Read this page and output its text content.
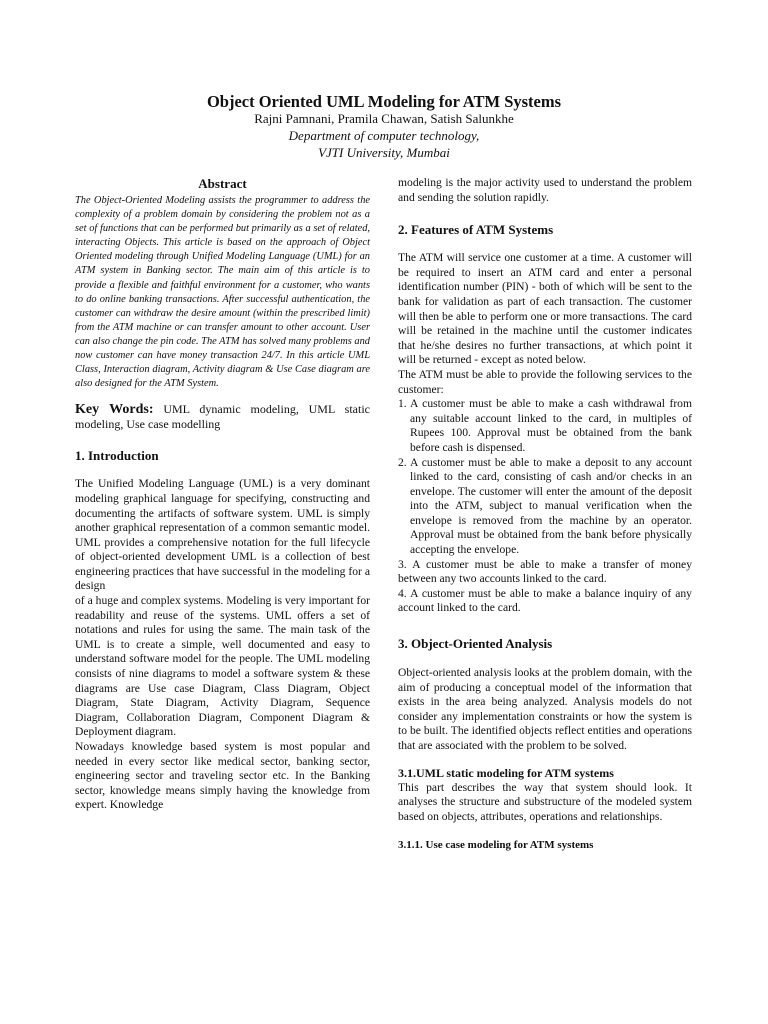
Object Oriented UML Modeling for ATM Systems

Rajni Pamnani, Pramila Chawan, Satish Salunkhe

Department of computer technology,

VJTI University, Mumbai

Abstract

The Object-Oriented Modeling assists the programmer to address the complexity of a problem domain by considering the problem not as a set of functions that can be performed but primarily as a set of related, interacting Objects. This article is based on the approach of Object Oriented modeling through Unified Modeling Language (UML) for an ATM system in Banking sector. The main aim of this article is to provide a flexible and faithful environment for a customer, who wants to do online banking transactions. After successful authentication, the customer can withdraw the desire amount (within the prescribed limit) from the ATM machine or can transfer amount to other account. User can also change the pin code. The ATM has solved many problems and now customer can have money transaction 24/7. In this article UML Class, Interaction diagram, Activity diagram & Use Case diagram are also designed for the ATM System.

Key Words: UML dynamic modeling, UML static modeling, Use case modelling

1. Introduction

The Unified Modeling Language (UML) is a very dominant modeling graphical language for specifying, constructing and documenting the artifacts of software system. UML is simply another graphical representation of a common semantic model. UML provides a comprehensive notation for the full lifecycle of object-oriented development UML is a collection of best engineering practices that have successful in the modeling for a design

of a huge and complex systems. Modeling is very important for readability and reuse of the systems. UML offers a set of notations and rules for using the same. The main task of the UML is to create a simple, well documented and easy to understand software model for the people. The UML modeling consists of nine diagrams to model a software system & these diagrams are Use case Diagram, Class Diagram, Object Diagram, State Diagram, Activity Diagram, Sequence Diagram, Collaboration Diagram, Component Diagram & Deployment diagram.

Nowadays knowledge based system is most popular and needed in every sector like medical sector, banking sector, engineering sector and traveling sector etc. In the Banking sector, knowledge means simply having the knowledge from expert. Knowledge

modeling is the major activity used to understand the problem and sending the solution rapidly.

2. Features of ATM Systems

The ATM will service one customer at a time. A customer will be required to insert an ATM card and enter a personal identification number (PIN) - both of which will be sent to the bank for validation as part of each transaction. The customer will then be able to perform one or more transactions. The card will be retained in the machine until the customer indicates that he/she desires no further transactions, at which point it will be returned - except as noted below.

The ATM must be able to provide the following services to the customer:

1. A customer must be able to make a cash withdrawal from any suitable account linked to the card, in multiples of Rupees 100. Approval must be obtained from the bank before cash is dispensed.
2. A customer must be able to make a deposit to any account linked to the card, consisting of cash and/or checks in an envelope. The customer will enter the amount of the deposit into the ATM, subject to manual verification when the envelope is removed from the machine by an operator. Approval must be obtained from the bank before physically accepting the envelope.

3. A customer must be able to make a transfer of money between any two accounts linked to the card.

4. A customer must be able to make a balance inquiry of any account linked to the card.

3. Object-Oriented Analysis

Object-oriented analysis looks at the problem domain, with the aim of producing a conceptual model of the information that exists in the area being analyzed. Analysis models do not consider any implementation constraints or how the system is to be built. The identified objects reflect entities and operations that are associated with the problem to be solved.

3.1.UML static modeling for ATM systems

This part describes the way that system should look. It analyses the structure and substructure of the modeled system based on objects, attributes, operations and relationships.

3.1.1. Use case modeling for ATM systems
